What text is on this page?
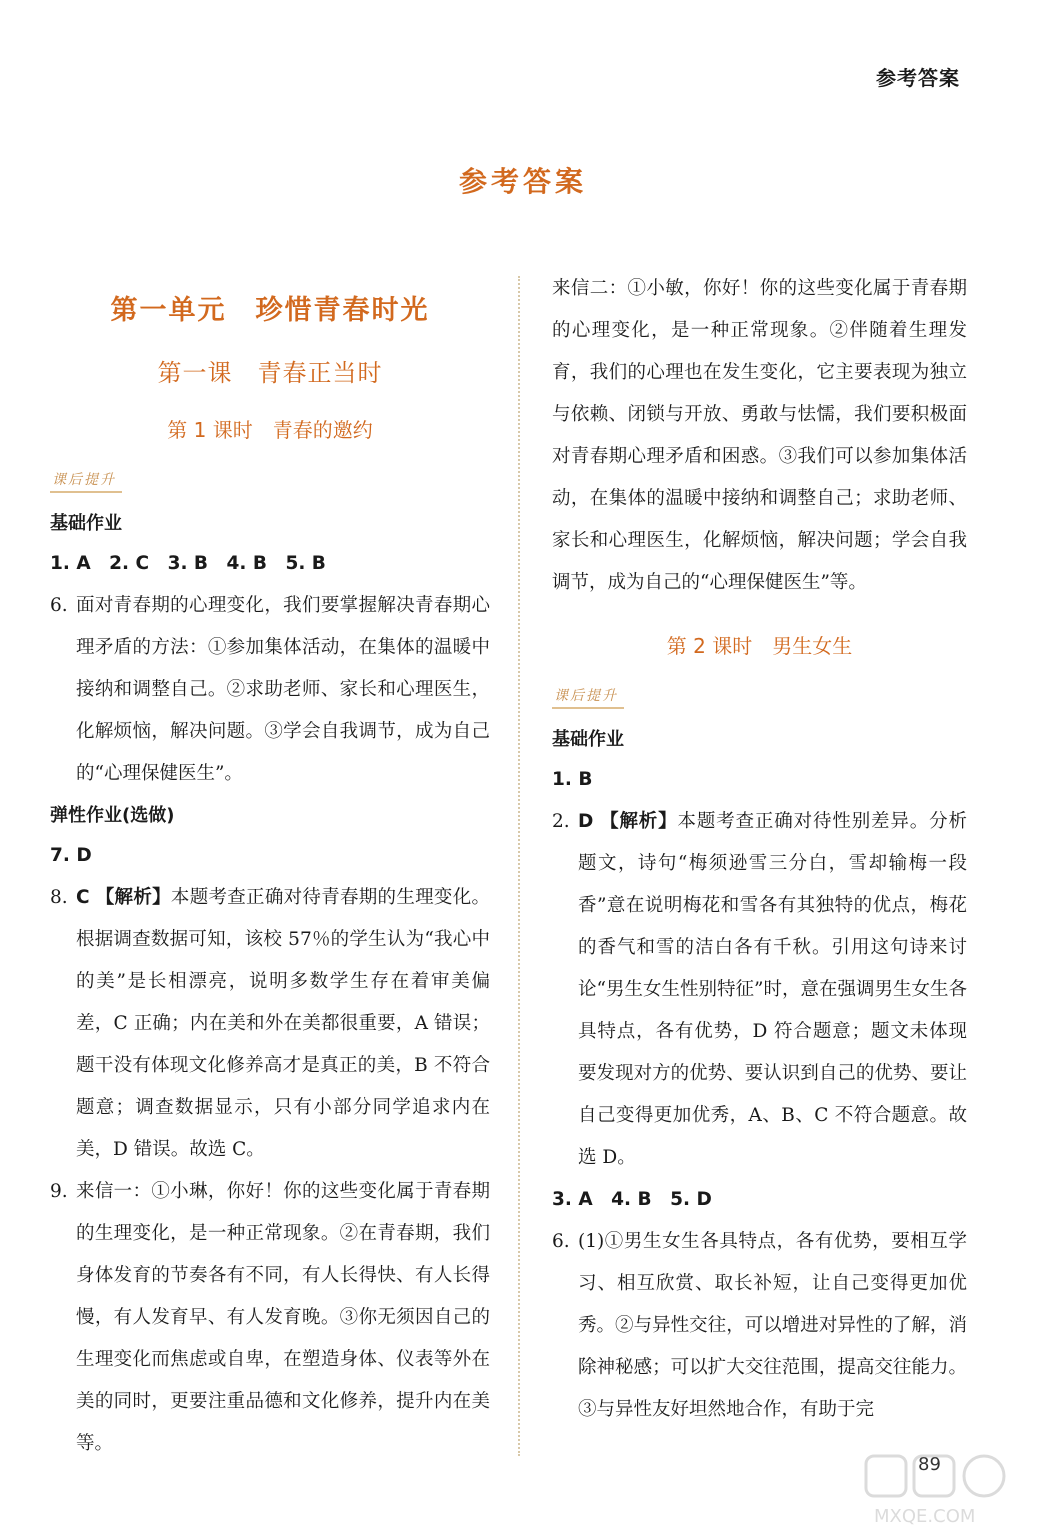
参考答案
参考答案
第一单元　珍惜青春时光
第一课　青春正当时
第 1 课时　青春的邀约
课后提升
基础作业
1. A　2. C　3. B　4. B　5. B
6. 面对青春期的心理变化，我们要掌握解决青春期心理矛盾的方法：①参加集体活动，在集体的温暖中接纳和调整自己。②求助老师、家长和心理医生，化解烦恼，解决问题。③学会自我调节，成为自己的“心理保健医生”。
弹性作业(选做)
7. D
8. C 【解析】本题考查正确对待青春期的生理变化。根据调查数据可知，该校 57％的学生认为“我心中的美”是长相漂亮，说明多数学生存在着审美偏差，C 正确；内在美和外在美都很重要，A 错误；题干没有体现文化修养高才是真正的美，B 不符合题意；调查数据显示，只有小部分同学追求内在美，D 错误。故选 C。
9. 来信一：①小琳，你好！你的这些变化属于青春期的生理变化，是一种正常现象。②在青春期，我们身体发育的节奏各有不同，有人长得快、有人长得慢，有人发育早、有人发育晚。③你无须因自己的生理变化而焦虑或自卑，在塑造身体、仪表等外在美的同时，更要注重品德和文化修养，提升内在美等。
来信二：①小敏，你好！你的这些变化属于青春期的心理变化，是一种正常现象。②伴随着生理发育，我们的心理也在发生变化，它主要表现为独立与依赖、闭锁与开放、勇敢与怯懦，我们要积极面对青春期心理矛盾和困惑。③我们可以参加集体活动，在集体的温暖中接纳和调整自己；求助老师、家长和心理医生，化解烦恼，解决问题；学会自我调节，成为自己的“心理保健医生”等。
第 2 课时　男生女生
课后提升
基础作业
1. B
2. D 【解析】本题考查正确对待性别差异。分析题文，诗句“梅须逊雪三分白，雪却输梅一段香”意在说明梅花和雪各有其独特的优点，梅花的香气和雪的洁白各有千秋。引用这句诗来讨论“男生女生性别特征”时，意在强调男生女生各具特点，各有优势，D 符合题意；题文未体现要发现对方的优势、要认识到自己的优势、要让自己变得更加优秀，A、B、C 不符合题意。故选 D。
3. A　4. B　5. D
6. (1)①男生女生各具特点，各有优势，要相互学习、相互欣赏、取长补短，让自己变得更加优秀。②与异性交往，可以增进对异性的了解，消除神秘感；可以扩大交往范围，提高交往能力。③与异性友好坦然地合作，有助于完
89
MXQE.COM
